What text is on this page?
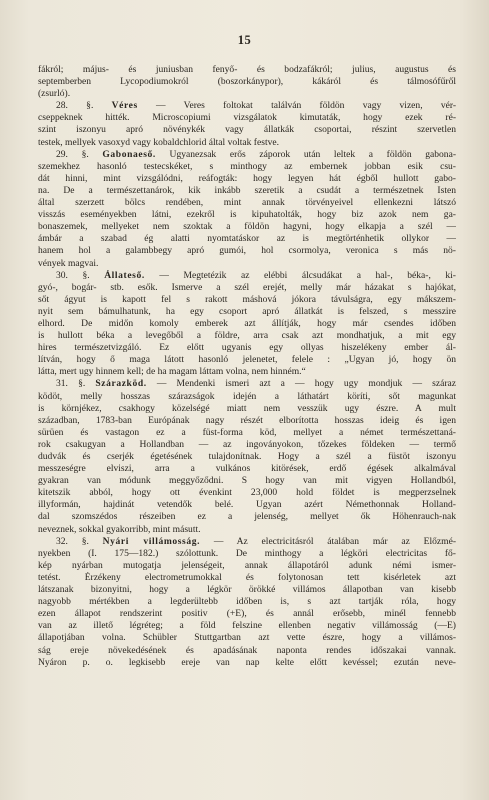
15
fákról; május- és juniusban fenyő- és bodzafákról; julius, augustus és
septemberben Lycopodiumokról (boszorkánypor), kákáról és tálmosófűről
(zsurló).
28. §. Véres — Veres foltokat találván földön vagy vizen, vér-
cseppeknek hitték. Microscopiumi vizsgálatok kimutaták, hogy ezek ré-
szint iszonyu apró növénykék vagy állatkák csoportai, részint szervetlen
testek, mellyek vasoxyd vagy kobaldchlorid által voltak festve.
29. §. Gabonaeső. Ugyanezsak erős záporok után leltek a földön gabona-
szemekhez hasonló testecskéket, s minthogy az embernek jobban esik csu-
dát hinni, mint vizsgálódni, reáfogták: hogy legyen hát égből hullott gabo-
na. De a természettanárok, kik inkább szeretik a csudát a természetnek Isten
által szerzett bölcs rendében, mint annak törvényeivel ellenkezni látszó
visszás eseményekben látni, ezekről is kipuhatolták, hogy biz azok nem ga-
bonaszemek, mellyeket nem szoktak a földön hagyni, hogy elkapja a szél —
ámbár a szabad ég alatti nyomtatáskor az is megtörténhetik ollykor —
hanem hol a galambbegy apró gumói, hol csormolya, veronica s más nö-
vények magvai.
30. §. Állateső. — Megtetézik az elébbi álcsudákat a hal-, béka-, ki-
gyó-, bogár- stb. esők. Ismerve a szél erejét, melly már házakat s hajókat,
sőt ágyut is kapott fel s rakott máshová jókora távulságra, egy mákszem-
nyit sem bámulhatunk, ha egy csoport apró állatkát is felszed, s messzire
elhord. De midőn komoly emberek azt állítják, hogy már csendes időben
is hullott béka a levegőből a földre, arra csak azt mondhatjuk, a mit egy
hires természetvizgáló. Ez előtt ugyanis egy ollyas hiszelékeny ember ál-
lítván, hogy ő maga látott hasonló jelenetet, felele : „Ugyan jó, hogy ön
látta, mert ugy hinnem kell; de ha magam láttam volna, nem hinném.“
31. §. Szárazköd. — Mendenki ismeri azt a — hogy ugy mondjuk — száraz
ködöt, melly hosszas szárazságok idején a láthatárt köríti, sőt magunkat
is körnjékez, csakhogy közelségé miatt nem vesszük ugy észre. A mult
században, 1783-ban Európának nagy részét elborította hosszas ideig és igen
sürüen és vastagon ez a füst-forma köd, mellyet a német természettaná-
rok csakugyan a Hollandban — az ingoványokon, tőzekes földeken — termő
dudvák és cserjék égetésének tulajdonítnak. Hogy a szél a füstöt iszonyu
messzeségre elviszi, arra a vulkános kitörések, erdő égések alkalmával
gyakran van módunk meggyőződni. S hogy van mit vigyen Hollandból,
kitetszik abból, hogy ott évenkint 23,000 hold földet is megperzselnek
illyformán, hajdinát vetendők belé. Ugyan azért Némethonnak Holland-
dal szomszédos részeiben ez a jelenség, mellyet ők Höhenrauch-nak
neveznek, sokkal gyakorribb, mint másutt.
32. §. Nyári villámosság. — Az electricitásról átalában már az Előzmé-
nyekben (I. 175—182.) szólottunk. De minthogy a légköri electricitas fő-
kép nyárban mutogatja jelenségeit, annak állapotáról adunk némi ismer-
tetést. Érzékeny electrometrumokkal és folytonosan tett kisérletek azt
látszanak bizonyitni, hogy a légkör örökké villámos állapotban van kisebb
nagyobb mértékben a legderültebb időben is, s azt tartják róla, hogy
ezen állapot rendszerint positiv (+E), és annál erősebb, minél fennebb
van az illető légréteg; a föld felszine ellenben negativ villámosság (—E)
állapotjában volna. Schübler Stuttgartban azt vette észre, hogy a villámos-
ság ereje növekedésének és apadásának naponta rendes időszakai vannak.
Nyáron p. o. legkisebb ereje van nap kelte előtt kevéssel; ezután neve-
